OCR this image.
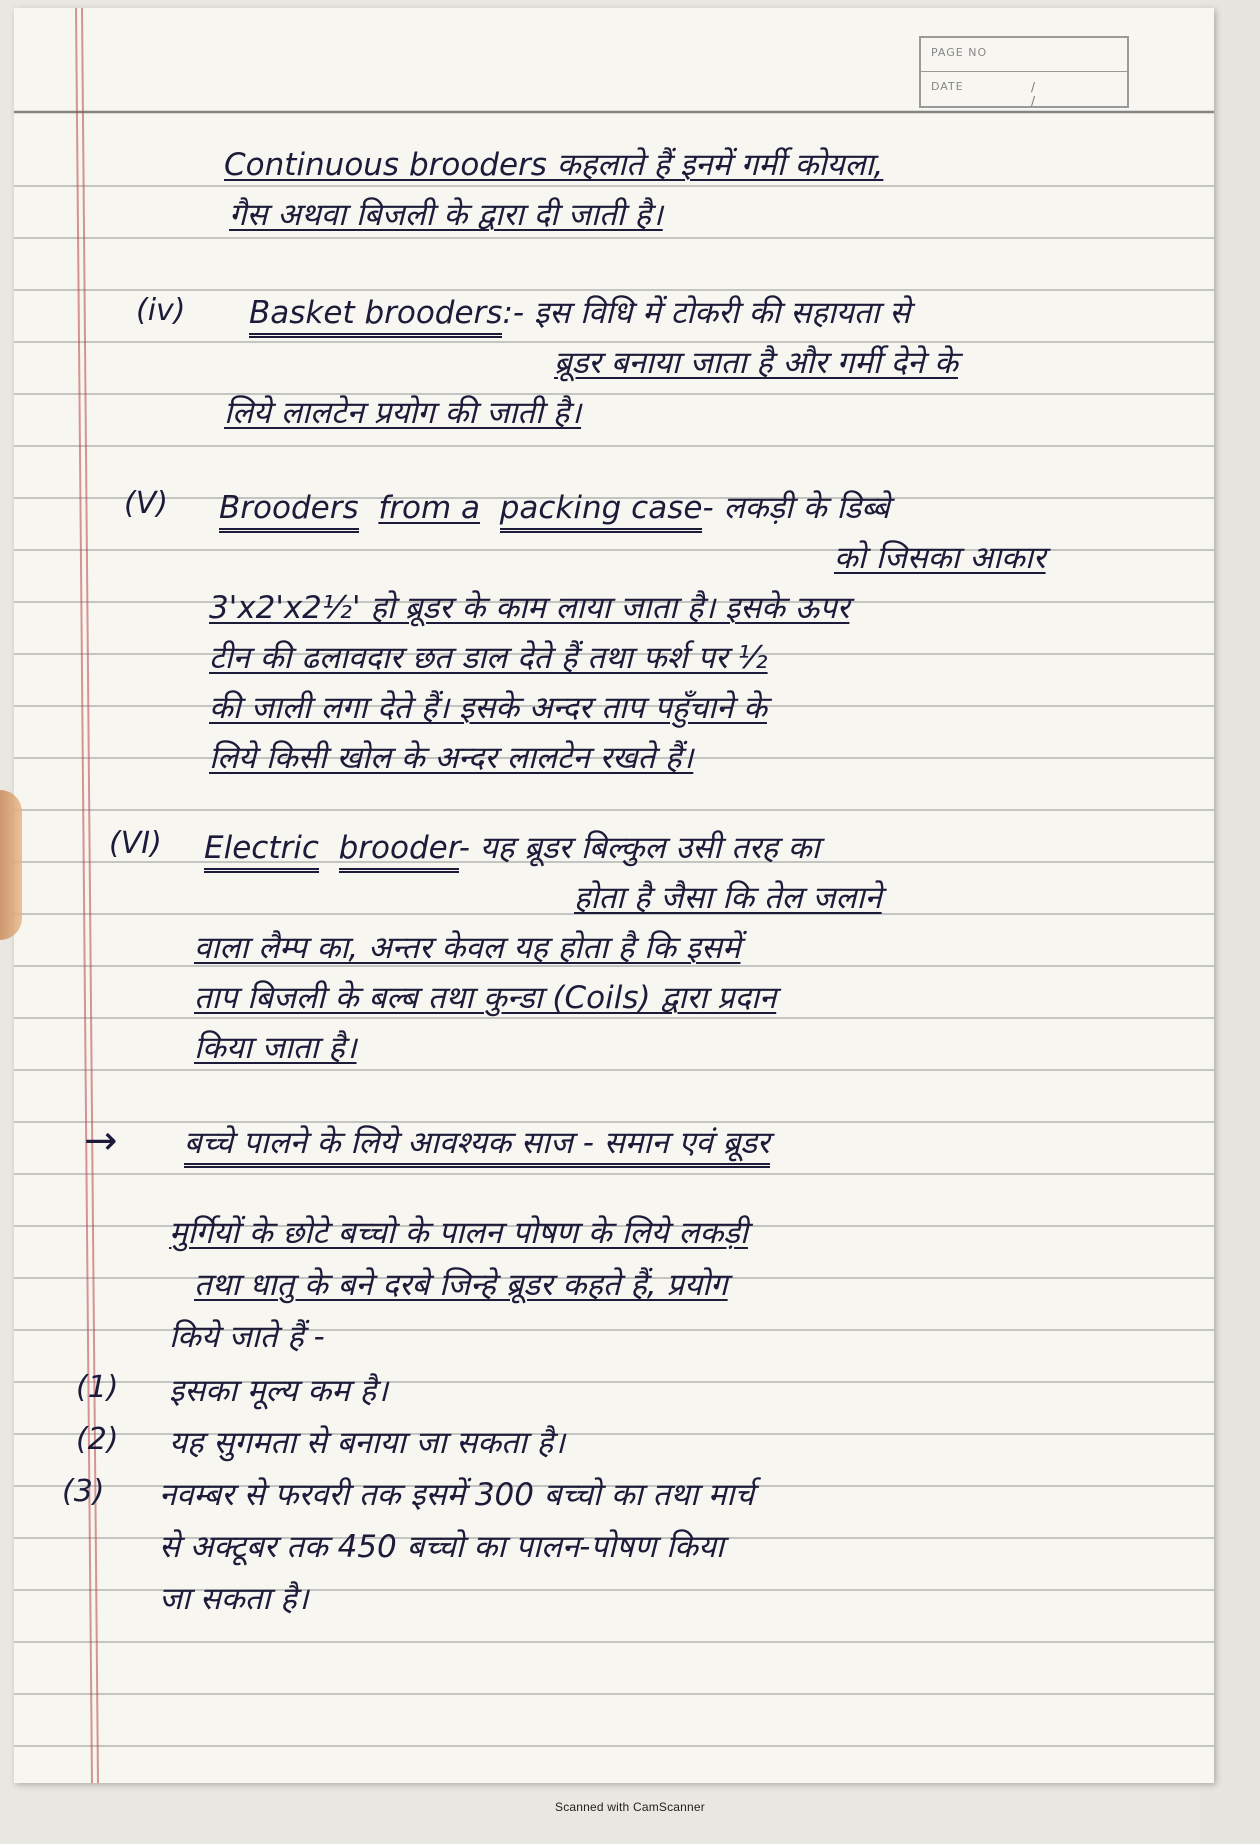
PAGE NO
DATE	/ /
Continuous brooders कहलाते हैं इनमें गर्मी कोयला,
गैस अथवा बिजली के द्वारा दी जाती है।
(iv) Basket brooders:- इस विधि में टोकरी की सहायता से
ब्रूडर बनाया जाता है और गर्मी देने के
लिये लालटेन प्रयोग की जाती है।
(V) Brooders from a packing case- लकड़ी के डिब्बे
को जिसका आकार
3'x2'x2½' हो ब्रूडर के काम लाया जाता है। इसके ऊपर
टीन की ढलावदार छत डाल देते हैं तथा फर्श पर ½
की जाली लगा देते हैं। इसके अन्दर ताप पहुँचाने के
लिये किसी खोल के अन्दर लालटेन रखते हैं।
(VI) Electric brooder- यह ब्रूडर बिल्कुल उसी तरह का
होता है जैसा कि तेल जलाने
वाला लैम्प का, अन्तर केवल यह होता है कि इसमें
ताप बिजली के बल्ब तथा कुन्डा (Coils) द्वारा प्रदान
किया जाता है।
→ बच्चे पालने के लिये आवश्यक साज - समान एवं ब्रूडर
मुर्गियों के छोटे बच्चो के पालन पोषण के लिये लकड़ी
तथा धातु के बने दरबे जिन्हे ब्रूडर कहते हैं, प्रयोग
किये जाते हैं -
(1) इसका मूल्य कम है।
(2) यह सुगमता से बनाया जा सकता है।
(3) नवम्बर से फरवरी तक इसमें 300 बच्चो का तथा मार्च
से अक्टूबर तक 450 बच्चो का पालन-पोषण किया
जा सकता है।
Scanned with CamScanner
